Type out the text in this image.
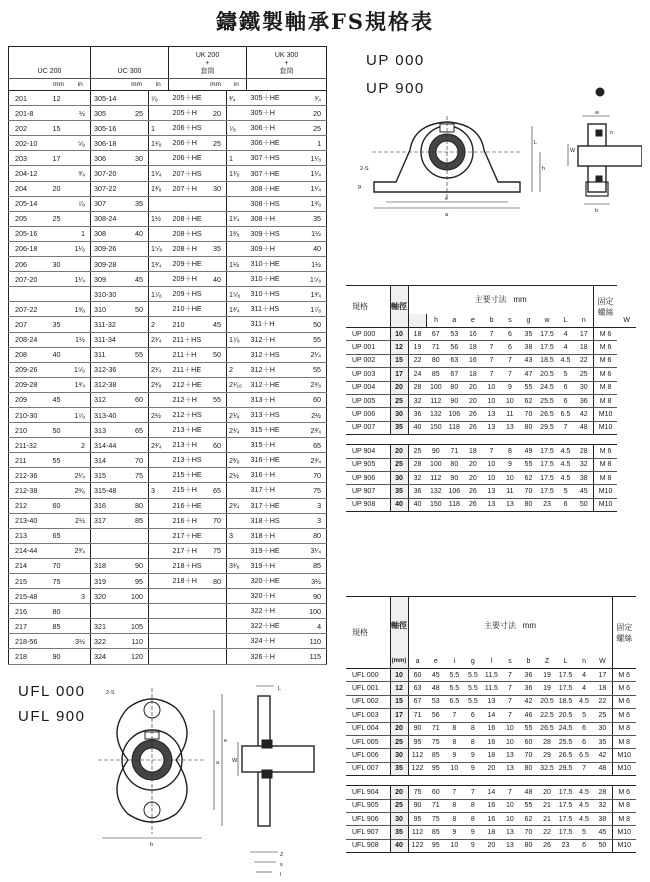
鑄鐵製軸承FS規格表
UC 200			UC 300			UK 200
+
套筒			UK 300
+
套筒	
	mm	in		mm	in		mm	in		
201	12		305-14		⁷⁄₈	205＋HE		³⁄₄	305＋HE	³⁄₄
201-8		½	305	25		205＋H	20		305＋H	20
202	15		305-16		1	206＋HS		⁷⁄₈	306＋H	25
202-10		⁵⁄₈	306-18		1¹⁄₈	206＋H	25		306＋HE	1
203	17		306	30		206＋HE		1	307＋HS	1¹⁄₈
204-12		³⁄₄	307-20		1¹⁄₄	207＋HS		1¹⁄₈	307＋HE	1¹⁄₄
204	20		307-22		1³⁄₈	207＋H	30		308＋HE	1¹⁄₄
205-14		⁷⁄₈	307	35					308＋HS	1³⁄₈
205	25		308-24		1½	208＋HE		1¹⁄₄	308＋H	35
205-16		1	308	40		208＋HS		1³⁄₈	309＋HS	1½
206-18		1¹⁄₈	309-26		1⁵⁄₈	208＋H	35		309＋H	40
206	30		309-28		1³⁄₄	209＋HE		1½	310＋HE	1½
207-20		1¹⁄₄	309	45		209＋H	40		310＋HE	1⁵⁄₈
			310-30		1⁷⁄₈	209＋HS		1⁵⁄₈	310＋HS	1³⁄₄
207-22		1³⁄₈	310	50		210＋HE		1³⁄₄	311＋HS	1⁷⁄₈
207	35		311-32		2	210	45		311＋H	50
208-24		1½	311-34		2¹⁄₄	211＋HS		1⁷⁄₈	312＋H	55
208	40		311	55		211＋H	50		312＋HS	2¹⁄₄
209-26		1⁵⁄₈	312-36		2¹⁄₄	211＋HE		2	312＋H	55
209-28		1³⁄₄	312-38		2³⁄₈	212＋HE		2¹⁄₁₆	312＋HE	2³⁄₈
209	45		312	60		212＋H	55		313＋H	60
210-30		1⁷⁄₈	313-40		2½	212＋HS		2¹⁄₈	313＋HS	2½
210	50		313	65		213＋HE		2¹⁄₄	315＋HE	2³⁄₄
211-32		2	314-44		2³⁄₄	213＋H	60		315＋H	65
211	55		314	70		213＋HS		2³⁄₈	316＋HE	2³⁄₄
212-36		2¹⁄₄	315	75		215＋HE		2½	316＋H	70
212-38		2³⁄₈	315-48		3	215＋H	65		317＋H	75
212	60		316	80		216＋HE		2³⁄₄	317＋HE	3
213-40		2½	317	85		216＋H	70		318＋HS	3
213	65					217＋HE		3	318＋H	80
214-44		2³⁄₄				217＋H	75		319＋HE	3¹⁄₄
214	70		318	90		218＋HS		3¹⁄₈	319＋H	85
215	75		319	95		218＋H	80		320＋HE	3½
215-48		3	320	100					320＋H	90
216	80								322＋H	100
217	85		321	105					322＋HE	4
218-56		3½	322	110					324＋H	110
218	90		324	120					326＋H	115
UP 000
UP 900
2-S
g
a
e
h
L
W
w
b
n
規格	軸徑	主要寸法 mm										固定
螺絲	
			h	a	e	b	s	g	w	L	n		W
UP 000	10	18	67	53	16	7	6	35	17.5	4	17	M 6	
UP 001	12	19	71	56	18	7	6	38	17.5	4	18	M 6	
UP 002	15	22	80	63	16	7	7	43	18.5	4.5	22	M 6	
UP 003	17	24	85	67	18	7	7	47	20.5	5	25	M 6	
UP 004	20	28	100	80	20	10	9	55	24.5	6	30	M 8	
UP 005	25	32	112	90	20	10	10	62	25.5	6	36	M 8	
UP 006	30	36	132	106	26	13	11	70	26.5	6.5	42	M10	
UP 007	35	40	150	118	26	13	13	80	29.5	7	48	M10	

UP 904	20	25	90	71	18	7	8	49	17.5	4.5	28	M 6	
UP 905	25	28	100	80	20	10	9	55	17.5	4.5	32	M 8	
UP 906	30	32	112	90	20	10	10	62	17.5	4.5	38	M 8	
UP 907	35	36	132	106	26	13	11	70	17.5	5	45	M10	
UP 908	40	40	150	118	26	13	13	80	23	6	50	M10	
UFL 000
UFL 900
2-S
a
e
b
L
W
Z
s
l
規格	軸徑	主要寸法 mm											固定
螺絲
	(mm)	a	e	i	g	l	s	b	Z	L	n	W	
UFL 000	10	60	45	5.5	5.5	11.5	7	36	19	17.5	4	17	M 6
UFL 001	12	63	48	5.5	5.5	11.5	7	36	19	17.5	4	18	M 6
UFL 002	15	67	53	6.5	5.5	13	7	42	20.5	18.5	4.5	22	M 6
UFL 003	17	71	56	7	6	14	7	46	22.5	20.5	5	25	M 6
UFL 004	20	90	71	8	8	16	10	55	26.5	24.5	6	30	M 8
UFL 005	25	95	75	8	8	16	10	60	28	25.5	6	35	M 8
UFL 006	30	112	85	9	9	18	13	70	29	26.5	6.5	42	M10
UFL 007	35	122	95	10	9	20	13	80	32.5	29.5	7	48	M10

UFL 904	20	75	60	7	7	14	7	48	20	17.5	4.5	28	M 6
UFL 905	25	90	71	8	8	16	10	55	21	17.5	4.5	32	M 8
UFL 906	30	95	75	8	8	16	10	62	21	17.5	4.5	38	M 8
UFL 907	35	112	85	9	9	18	13	70	22	17.5	5	45	M10
UFL 908	40	122	95	10	9	20	13	80	26	23	6	50	M10
